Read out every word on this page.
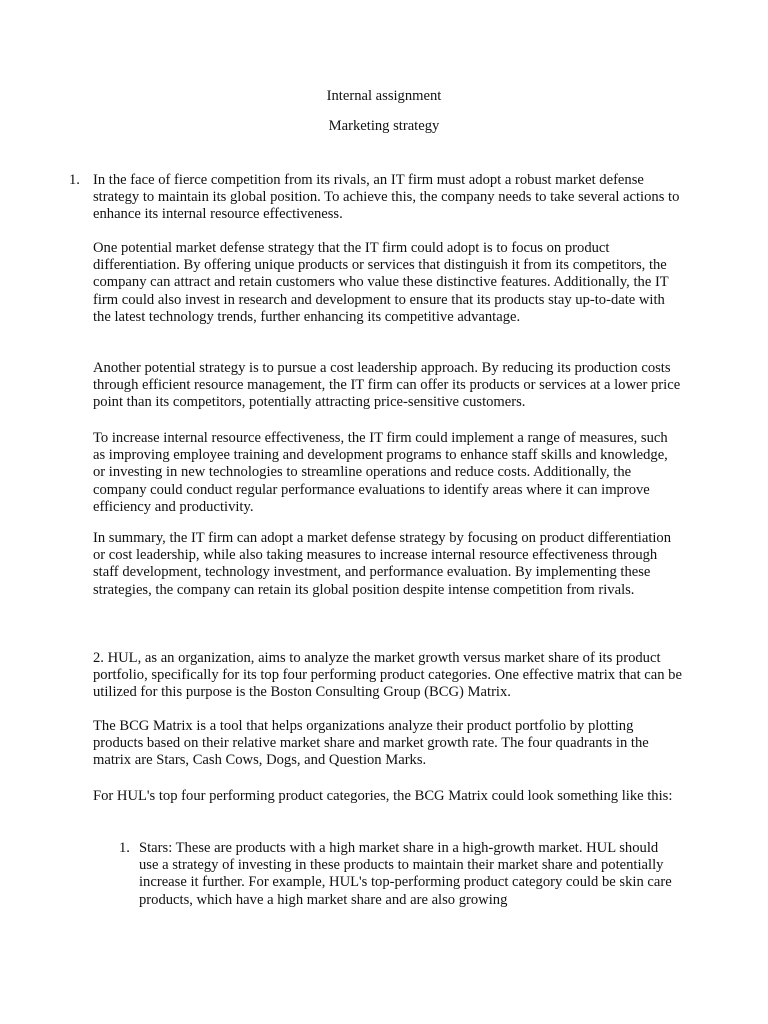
Internal assignment

Marketing strategy

1. In the face of fierce competition from its rivals, an IT firm must adopt a robust market defense strategy to maintain its global position. To achieve this, the company needs to take several actions to enhance its internal resource effectiveness.

One potential market defense strategy that the IT firm could adopt is to focus on product differentiation. By offering unique products or services that distinguish it from its competitors, the company can attract and retain customers who value these distinctive features. Additionally, the IT firm could also invest in research and development to ensure that its products stay up-to-date with the latest technology trends, further enhancing its competitive advantage.

Another potential strategy is to pursue a cost leadership approach. By reducing its production costs through efficient resource management, the IT firm can offer its products or services at a lower price point than its competitors, potentially attracting price-sensitive customers.

To increase internal resource effectiveness, the IT firm could implement a range of measures, such as improving employee training and development programs to enhance staff skills and knowledge, or investing in new technologies to streamline operations and reduce costs. Additionally, the company could conduct regular performance evaluations to identify areas where it can improve efficiency and productivity.

In summary, the IT firm can adopt a market defense strategy by focusing on product differentiation or cost leadership, while also taking measures to increase internal resource effectiveness through staff development, technology investment, and performance evaluation. By implementing these strategies, the company can retain its global position despite intense competition from rivals.

2. HUL, as an organization, aims to analyze the market growth versus market share of its product portfolio, specifically for its top four performing product categories. One effective matrix that can be utilized for this purpose is the Boston Consulting Group (BCG) Matrix.

The BCG Matrix is a tool that helps organizations analyze their product portfolio by plotting products based on their relative market share and market growth rate. The four quadrants in the matrix are Stars, Cash Cows, Dogs, and Question Marks.

For HUL's top four performing product categories, the BCG Matrix could look something like this:

1. Stars: These are products with a high market share in a high-growth market. HUL should use a strategy of investing in these products to maintain their market share and potentially increase it further. For example, HUL's top-performing product category could be skin care products, which have a high market share and are also growing
